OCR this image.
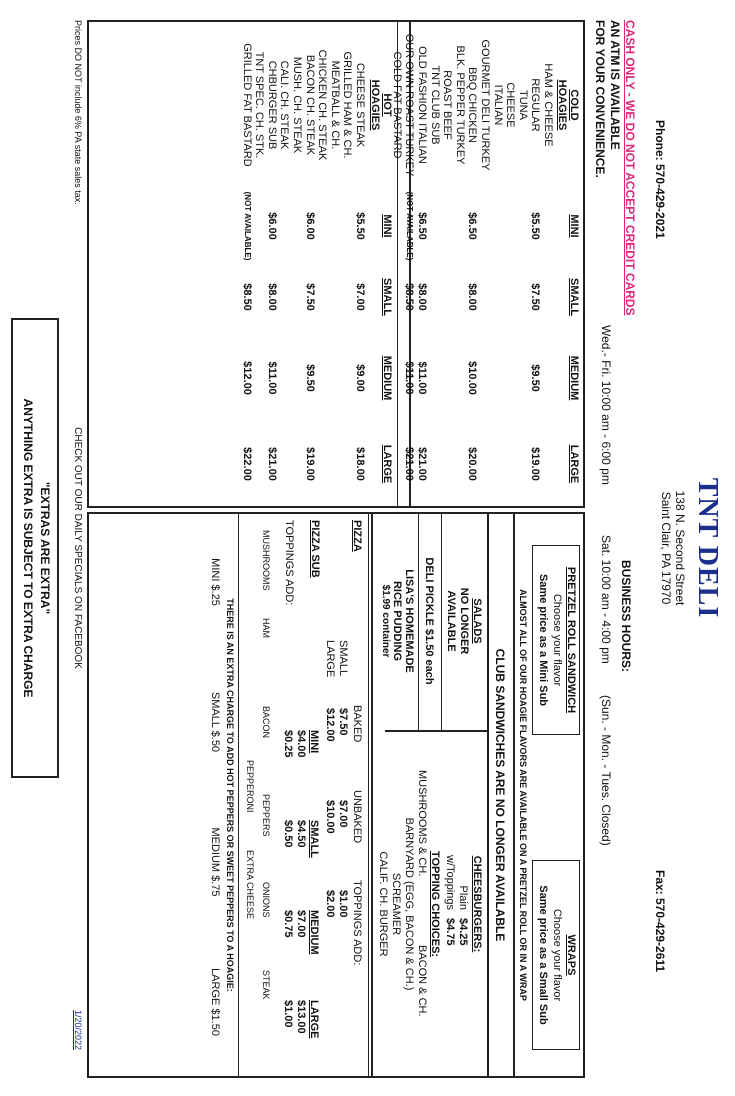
TNT DELI
138 N. Second Street
Saint Clair, PA 17970
Phone: 570-429-2021
Fax: 570-429-2611
CASH ONLY - WE DO NOT ACCEPT CREDIT CARDS
AN ATM IS AVAILABLE
FOR YOUR CONVENIENCE.
BUSINESS HOURS:
Wed.- Fri. 10:00 am - 6:00 pm
Sat. 10:00 am - 4:00 pm
(Sun. - Mon. - Tues. Closed)
MINI
SMALL
MEDIUM
LARGE
COLD
HOAGIES
HAM & CHEESE
REGULAR
$5.50
$7.50
$9.50
$19.00
TUNA
CHEESE
ITALIAN
GOURMET DELI TURKEY
BBQ CHICKEN
$6.50
$8.00
$10.00
$20.00
BLK. PEPPER TURKEY
ROAST BEEF
TNT CLUB SUB
OLD FASHION ITALIAN
$6.50
$8.00
$11.00
$21.00
OUR OWN ROAST TURKEY
(NOT AVAILABLE)
$8.50
$11.00
$21.00
COLD FAT BASTARD
HOT
HOAGIES
MINI
SMALL
MEDIUM
LARGE
CHEESE STEAK
$5.50
$7.00
$9.00
$18.00
GRILLED HAM & CH.
MEATBALL & CH.
CHICKEN CH. STEAK
BACON CH. STEAK
$6.00
$7.50
$9.50
$19.00
MUSH. CH. STEAK
CALI. CH. STEAK
CHBURGER SUB
$6.00
$8.00
$11.00
$21.00
TNT SPEC. CH. STK.
GRILLED FAT BASTARD
(NOT AVAILABLE)
$8.50
$12.00
$22.00
Prices DO NOT include 6% PA state sales tax.
CHECK OUT OUR DAILY SPECIALS ON FACEBOOK
"EXTRAS ARE EXTRA"
ANYTHING EXTRA IS SUBJECT TO EXTRA CHARGE	PRETZEL ROLL SANDWICH
Choose your flavor
Same price as a Mini Sub
WRAPS
Choose your flavor
Same price as a Small Sub
ALMOST ALL OF OUR HOAGIE FLAVORS ARE AVAILABLE ON A PRETZEL ROLL OR IN A WRAP
CLUB SANDWICHES ARE NO LONGER AVAILABLE
SALADS
NO LONGER
AVAILABLE
DELI PICKLE $1.50 each
LISA'S HOMEMADE
RICE PUDDING
$1.99 container
CHEESBURGERS:
Plain
$4.25
w/Toppings
$4.75
TOPPING CHOICES:
MUSHROOMS & CH.
BACON & CH.
BARNYARD (EGG, BACON & CH.)
SCREAMER
CALIF. CH. BURGER
PIZZA
BAKED
UNBAKED
TOPPINGS ADD:
SMALL
$7.50
$7.00
$1.00
LARGE
$12.00
$10.00
$2.00
PIZZA SUB
MINI
$4.00
SMALL
$4.50
MEDIUM
$7.00
LARGE
$13.00
TOPPINGS ADD:
$0.25
$0.50
$0.75
$1.00
MUSHROOMS
HAM
BACON
PEPPERS
ONIONS
STEAK
PEPPERONI
EXTRA CHEESE
THERE IS AN EXTRA CHARGE TO ADD HOT PEPPERS OR SWEET PEPPERS TO A HOAGIE:
MINI $.25
SMALL $.50
MEDIUM $.75
LARGE $1.50
1/20/2022
